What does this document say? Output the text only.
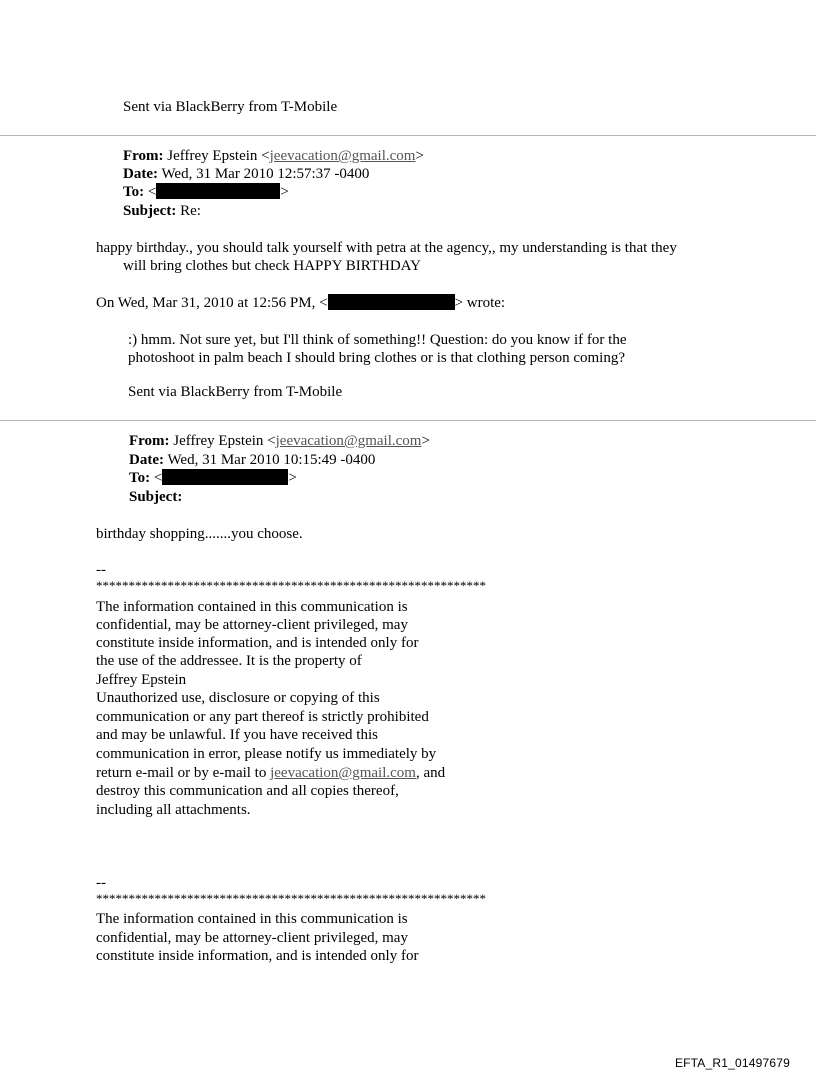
Sent via BlackBerry from T-Mobile
From: Jeffrey Epstein <jeevacation@gmail.com>
Date: Wed, 31 Mar 2010 12:57:37 -0400
To: <	>
Subject: Re:
happy birthday., you should talk yourself with petra at the agency,, my understanding is that they
will bring clothes but check HAPPY BIRTHDAY
On Wed, Mar 31, 2010 at 12:56 PM, <	> wrote:
:) hmm. Not sure yet, but I'll think of something!! Question: do you know if for the
photoshoot in palm beach I should bring clothes or is that clothing person coming?
Sent via BlackBerry from T-Mobile
From: Jeffrey Epstein <jeevacation@gmail.com>
Date: Wed, 31 Mar 2010 10:15:49 -0400
To: <	>
Subject:
birthday shopping.......you choose.
--
************************************************************
The information contained in this communication is
confidential, may be attorney-client privileged, may
constitute inside information, and is intended only for
the use of the addressee. It is the property of
Jeffrey Epstein
Unauthorized use, disclosure or copying of this
communication or any part thereof is strictly prohibited
and may be unlawful. If you have received this
communication in error, please notify us immediately by
return e-mail or by e-mail to jeevacation@gmail.com, and
destroy this communication and all copies thereof,
including all attachments.
--
************************************************************
The information contained in this communication is
confidential, may be attorney-client privileged, may
constitute inside information, and is intended only for
EFTA_R1_01497679
